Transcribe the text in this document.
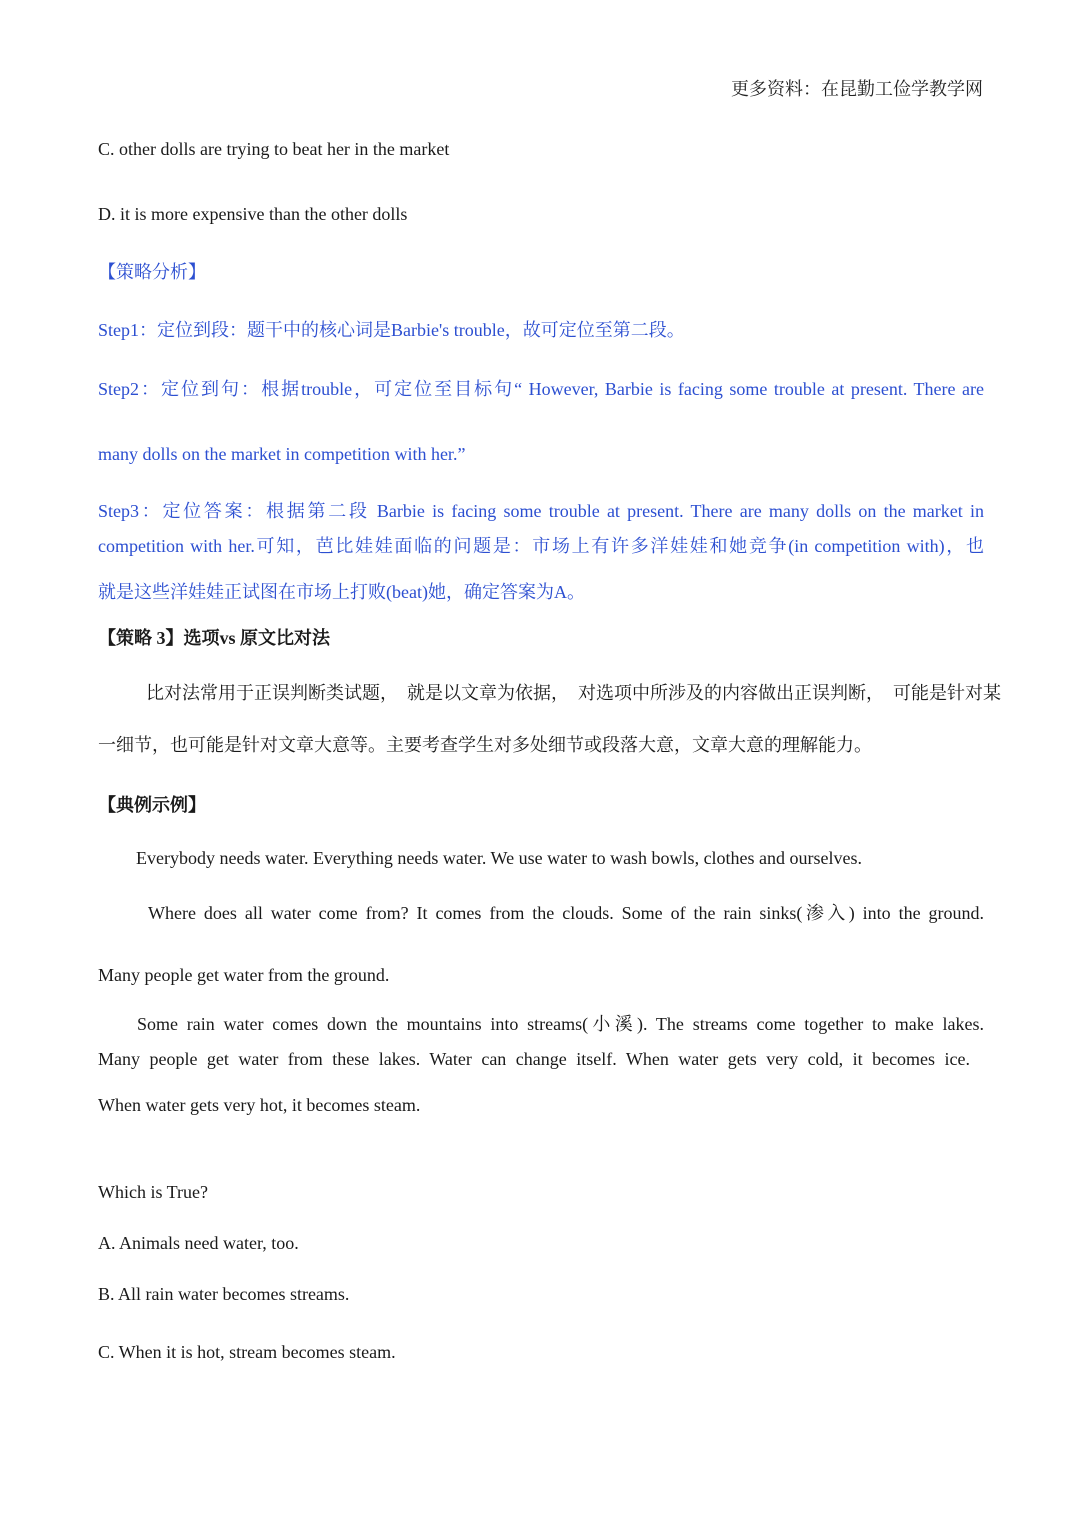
更多资料：在昆勤工俭学教学网
C. other dolls are trying to beat her in the market
D. it is more expensive than the other dolls
【策略分析】
Step1：定位到段：题干中的核心词是Barbie's trouble，故可定位至第二段。
Step2：定位到句：根据trouble，可定位至目标句“ However, Barbie is facing some trouble at present. There are
many dolls on the market in competition with her.”
Step3：定位答案：根据第二段 Barbie is facing some trouble at present. There are many dolls on the market in
competition with her.可知，芭比娃娃面临的问题是：市场上有许多洋娃娃和她竞争(in competition with)，也
就是这些洋娃娃正试图在市场上打败(beat)她，确定答案为A。
【策略 3】选项vs 原文比对法
比对法常用于正误判断类试题，  就是以文章为依据，  对选项中所涉及的内容做出正误判断，  可能是针对某
一细节，也可能是针对文章大意等。主要考查学生对多处细节或段落大意，文章大意的理解能力。
【典例示例】
Everybody needs water. Everything needs water. We use water to wash bowls, clothes and ourselves.
Where does all water come from? It comes from the clouds. Some of the rain sinks(渗入) into the ground.
Many people get water from the ground.
Some rain water comes down the mountains into streams(小溪). The streams come together to make lakes.
Many people get water from these lakes. Water can change itself. When water gets very cold, it becomes ice.
When water gets very hot, it becomes steam.
Which is True?
A. Animals need water, too.
B. All rain water becomes streams.
C. When it is hot, stream becomes steam.
